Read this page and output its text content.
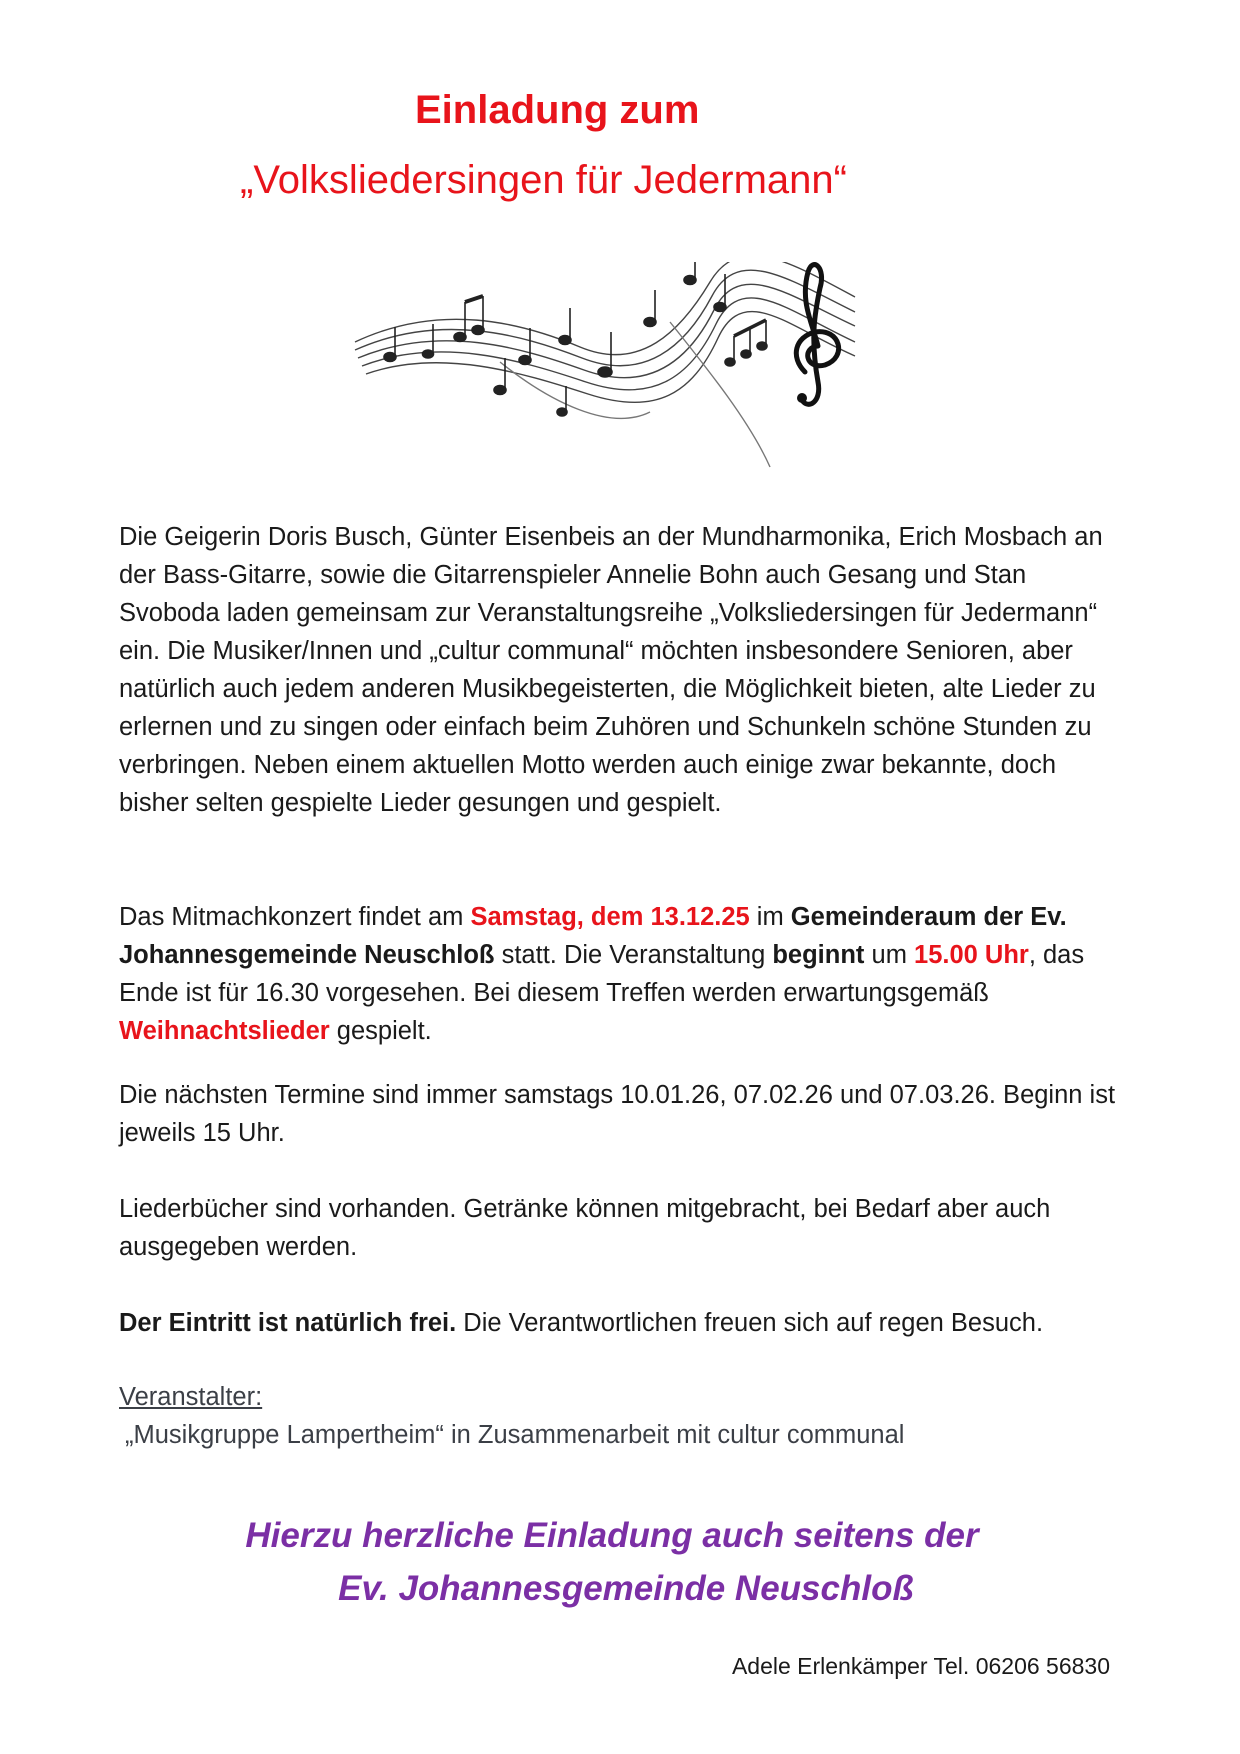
Einladung zum
„Volksliedersingen für Jedermann“

Die Geigerin Doris Busch, Günter Eisenbeis an der Mundharmonika, Erich Mosbach an der Bass-Gitarre, sowie die Gitarrenspieler Annelie Bohn auch Gesang und Stan Svoboda laden gemeinsam zur Veranstaltungsreihe „Volksliedersingen für Jedermann“ ein. Die Musiker/Innen und „cultur communal“ möchten insbesondere Senioren, aber natürlich auch jedem anderen Musikbegeisterten, die Möglichkeit bieten, alte Lieder zu erlernen und zu singen oder einfach beim Zuhören und Schunkeln schöne Stunden zu verbringen. Neben einem aktuellen Motto werden auch einige zwar bekannte, doch bisher selten gespielte Lieder gesungen und gespielt.

Das Mitmachkonzert findet am Samstag, dem 13.12.25 im Gemeinderaum der Ev. Johannesgemeinde Neuschloß statt. Die Veranstaltung beginnt um 15.00 Uhr, das Ende ist für 16.30 vorgesehen. Bei diesem Treffen werden erwartungsgemäß Weihnachtslieder gespielt.

Die nächsten Termine sind immer samstags 10.01.26, 07.02.26 und 07.03.26. Beginn ist jeweils 15 Uhr.

Liederbücher sind vorhanden. Getränke können mitgebracht, bei Bedarf aber auch ausgegeben werden.

Der Eintritt ist natürlich frei. Die Verantwortlichen freuen sich auf regen Besuch.

Veranstalter:
„Musikgruppe Lampertheim“ in Zusammenarbeit mit cultur communal

Hierzu herzliche Einladung auch seitens der

Ev. Johannesgemeinde Neuschloß

Adele Erlenkämper Tel. 06206 56830
